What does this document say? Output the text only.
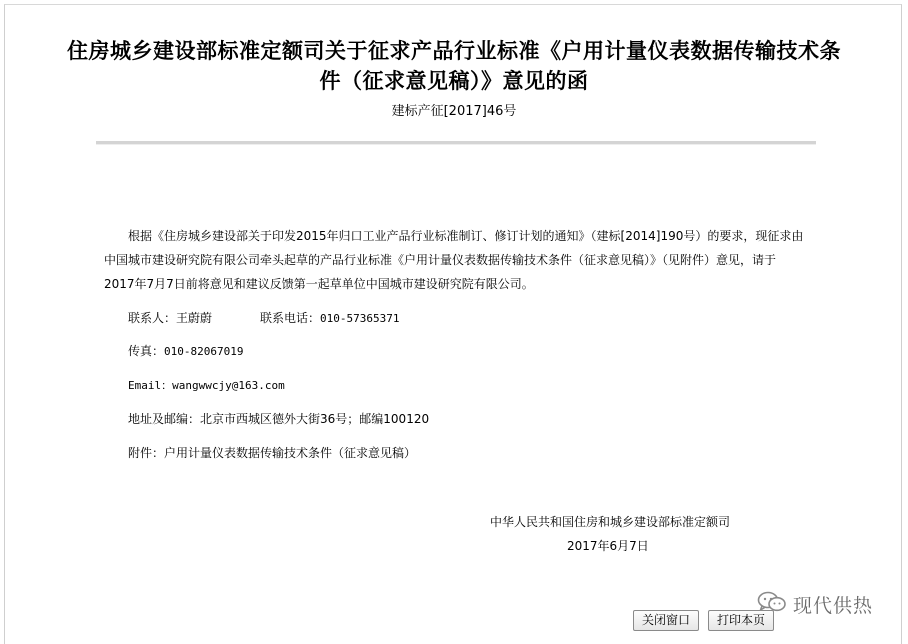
住房城乡建设部标准定额司关于征求产品行业标准《户用计量仪表数据传输技术条
件（征求意见稿）》意见的函
建标产征[2017]46号
根据《住房城乡建设部关于印发2015年归口工业产品行业标准制订、修订计划的通知》（建标[2014]190号）的要求，现征求由
中国城市建设研究院有限公司牵头起草的产品行业标准《户用计量仪表数据传输技术条件（征求意见稿）》（见附件）意见，请于
2017年7月7日前将意见和建议反馈第一起草单位中国城市建设研究院有限公司。
联系人：王蔚蔚	联系电话：010-57365371
传真：010-82067019
Email：wangwwcjy@163.com
地址及邮编：北京市西城区德外大街36号；邮编100120
附件：户用计量仪表数据传输技术条件（征求意见稿）
中华人民共和国住房和城乡建设部标准定额司
2017年6月7日
现代供热
关闭窗口	打印本页
